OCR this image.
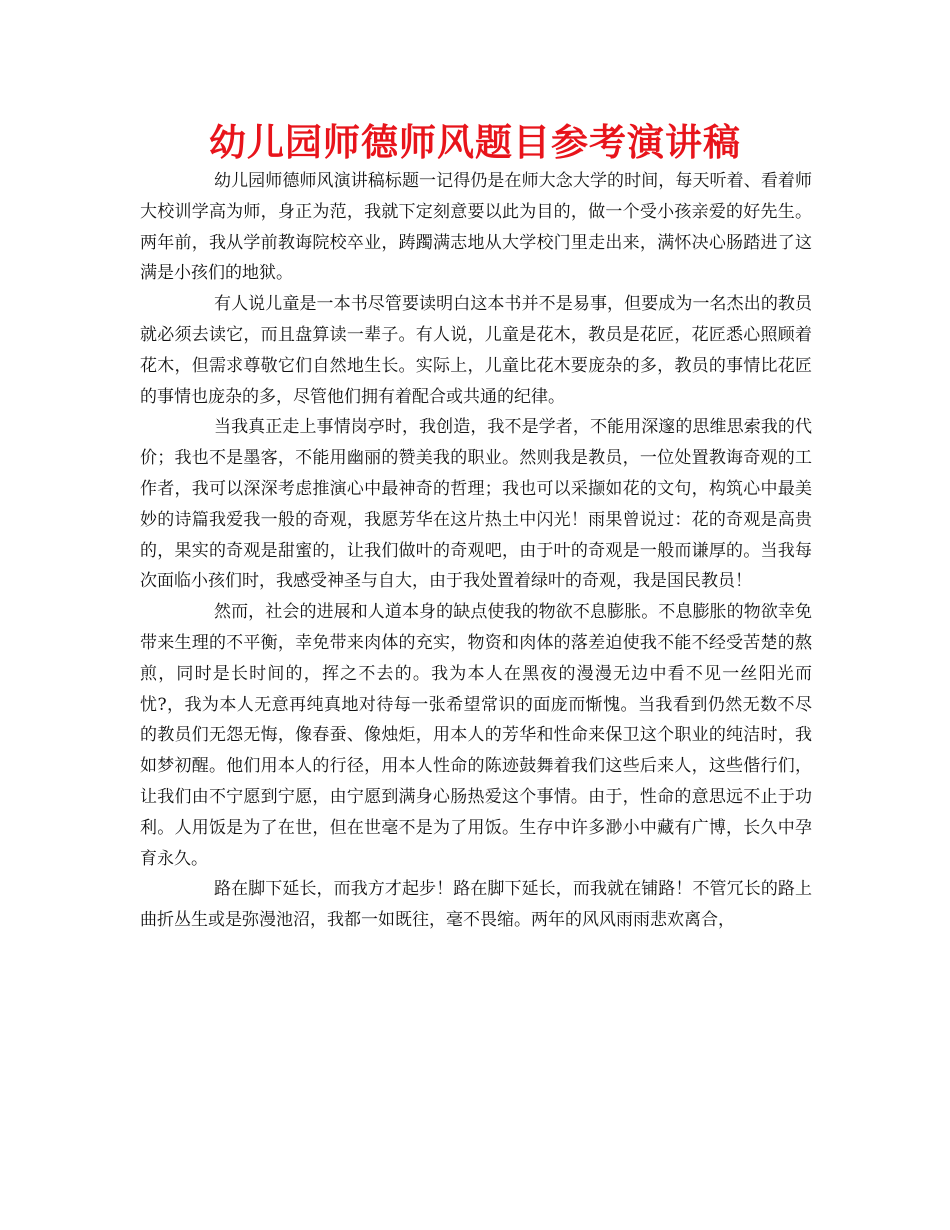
幼儿园师德师风题目参考演讲稿

幼儿园师德师风演讲稿标题一记得仍是在师大念大学的时间，每天听着、看着师大校训学高为师，身正为范，我就下定刻意要以此为目的，做一个受小孩亲爱的好先生。两年前，我从学前教诲院校卒业，踌躅满志地从大学校门里走出来，满怀决心肠踏进了这满是小孩们的地狱。

有人说儿童是一本书尽管要读明白这本书并不是易事，但要成为一名杰出的教员就必须去读它，而且盘算读一辈子。有人说，儿童是花木，教员是花匠，花匠悉心照顾着花木，但需求尊敬它们自然地生长。实际上，儿童比花木要庞杂的多，教员的事情比花匠的事情也庞杂的多，尽管他们拥有着配合或共通的纪律。

当我真正走上事情岗亭时，我创造，我不是学者，不能用深邃的思维思索我的代价；我也不是墨客，不能用幽丽的赞美我的职业。然则我是教员，一位处置教诲奇观的工作者，我可以深深考虑推演心中最神奇的哲理；我也可以采撷如花的文句，构筑心中最美妙的诗篇我爱我一般的奇观，我愿芳华在这片热土中闪光！雨果曾说过：花的奇观是高贵的，果实的奇观是甜蜜的，让我们做叶的奇观吧，由于叶的奇观是一般而谦厚的。当我每次面临小孩们时，我感受神圣与自大，由于我处置着绿叶的奇观，我是国民教员！

然而，社会的进展和人道本身的缺点使我的物欲不息膨胀。不息膨胀的物欲幸免带来生理的不平衡，幸免带来肉体的充实，物资和肉体的落差迫使我不能不经受苦楚的熬煎，同时是长时间的，挥之不去的。我为本人在黑夜的漫漫无边中看不见一丝阳光而忧?，我为本人无意再纯真地对待每一张希望常识的面庞而惭愧。当我看到仍然无数不尽的教员们无怨无悔，像春蚕、像烛炬，用本人的芳华和性命来保卫这个职业的纯洁时，我如梦初醒。他们用本人的行径，用本人性命的陈迹鼓舞着我们这些后来人，这些偕行们，让我们由不宁愿到宁愿，由宁愿到满身心肠热爱这个事情。由于，性命的意思远不止于功利。人用饭是为了在世，但在世毫不是为了用饭。生存中许多渺小中藏有广博，长久中孕育永久。

路在脚下延长，而我方才起步！路在脚下延长，而我就在铺路！不管冗长的路上曲折丛生或是弥漫池沼，我都一如既往，毫不畏缩。两年的风风雨雨悲欢离合，
